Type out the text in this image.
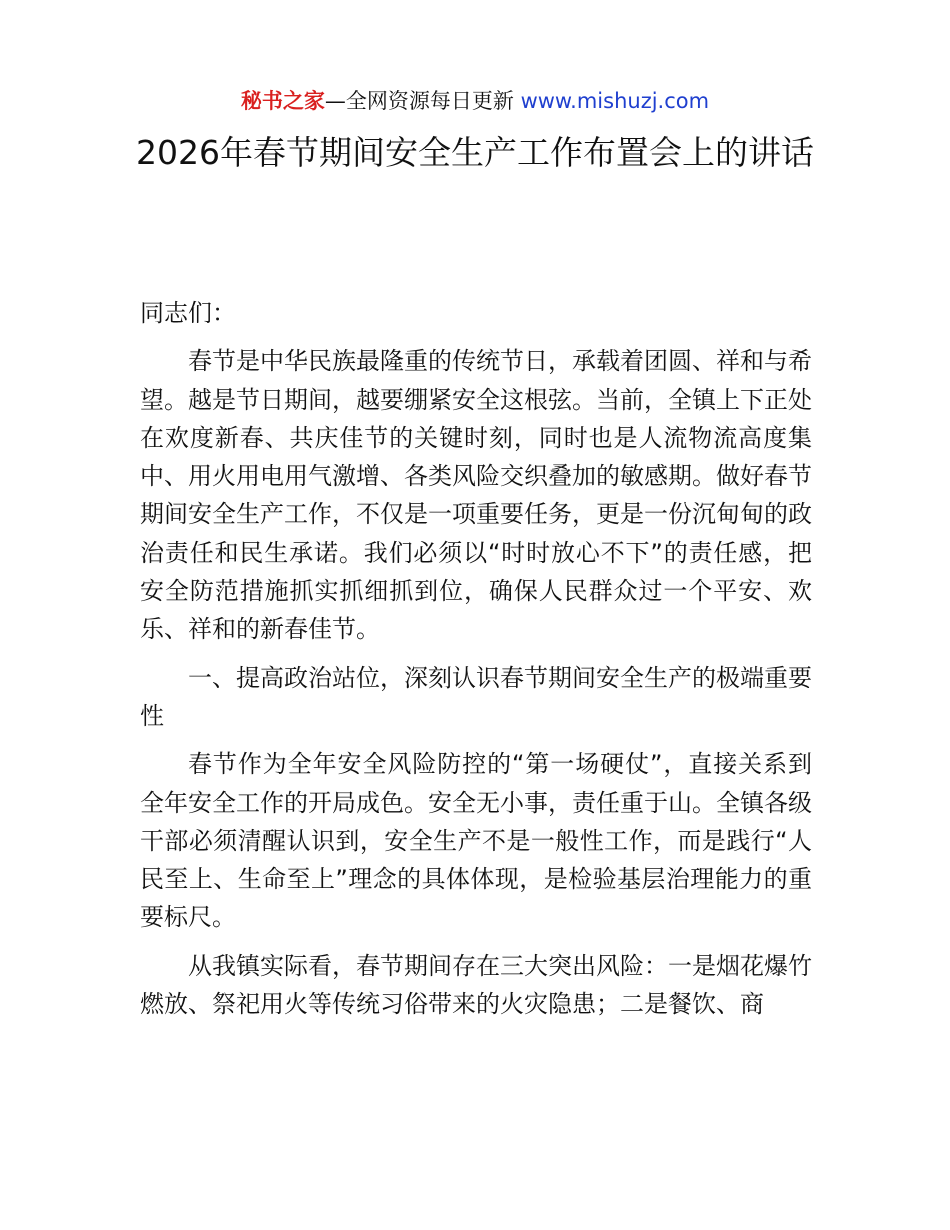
秘书之家—全网资源每日更新 www.mishuzj.com
2026年春节期间安全生产工作布置会上的讲话

同志们：

春节是中华民族最隆重的传统节日，承载着团圆、祥和与希望。越是节日期间，越要绷紧安全这根弦。当前，全镇上下正处在欢度新春、共庆佳节的关键时刻，同时也是人流物流高度集中、用火用电用气激增、各类风险交织叠加的敏感期。做好春节期间安全生产工作，不仅是一项重要任务，更是一份沉甸甸的政治责任和民生承诺。我们必须以“时时放心不下”的责任感，把安全防范措施抓实抓细抓到位，确保人民群众过一个平安、欢乐、祥和的新春佳节。

一、提高政治站位，深刻认识春节期间安全生产的极端重要性

春节作为全年安全风险防控的“第一场硬仗”，直接关系到全年安全工作的开局成色。安全无小事，责任重于山。全镇各级干部必须清醒认识到，安全生产不是一般性工作，而是践行“人民至上、生命至上”理念的具体体现，是检验基层治理能力的重要标尺。

从我镇实际看，春节期间存在三大突出风险：一是烟花爆竹燃放、祭祀用火等传统习俗带来的火灾隐患；二是餐饮、商
